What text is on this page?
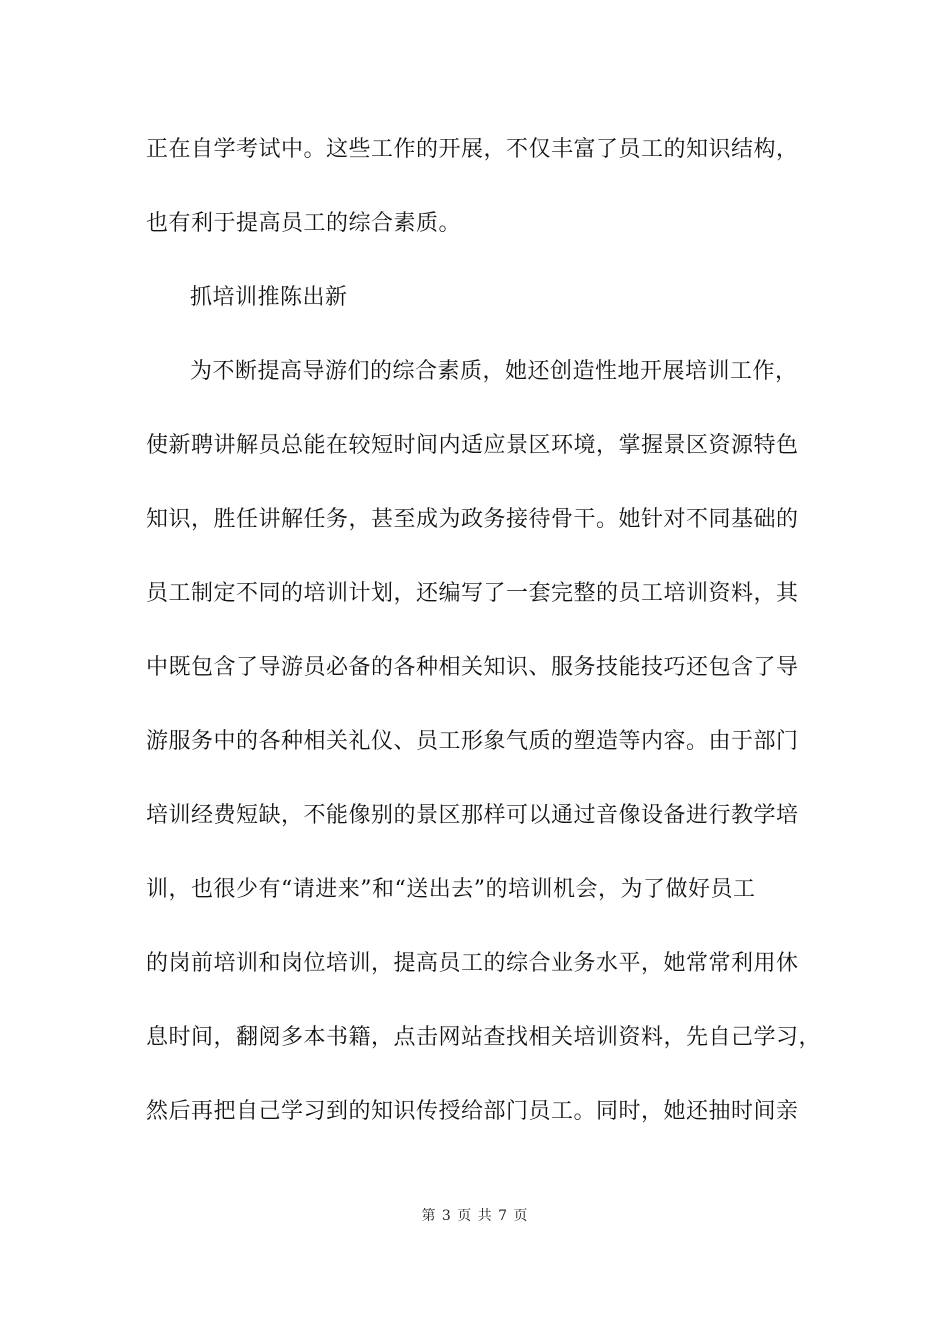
正在自学考试中。这些工作的开展，不仅丰富了员工的知识结构，
也有利于提高员工的综合素质。
抓培训推陈出新
为不断提高导游们的综合素质，她还创造性地开展培训工作，
使新聘讲解员总能在较短时间内适应景区环境，掌握景区资源特色
知识，胜任讲解任务，甚至成为政务接待骨干。她针对不同基础的
员工制定不同的培训计划，还编写了一套完整的员工培训资料，其
中既包含了导游员必备的各种相关知识、服务技能技巧还包含了导
游服务中的各种相关礼仪、员工形象气质的塑造等内容。由于部门
培训经费短缺，不能像别的景区那样可以通过音像设备进行教学培
训，也很少有“请进来”和“送出去”的培训机会，为了做好员工
的岗前培训和岗位培训，提高员工的综合业务水平，她常常利用休
息时间，翻阅多本书籍，点击网站查找相关培训资料，先自己学习，
然后再把自己学习到的知识传授给部门员工。同时，她还抽时间亲
第 3 页 共 7 页
